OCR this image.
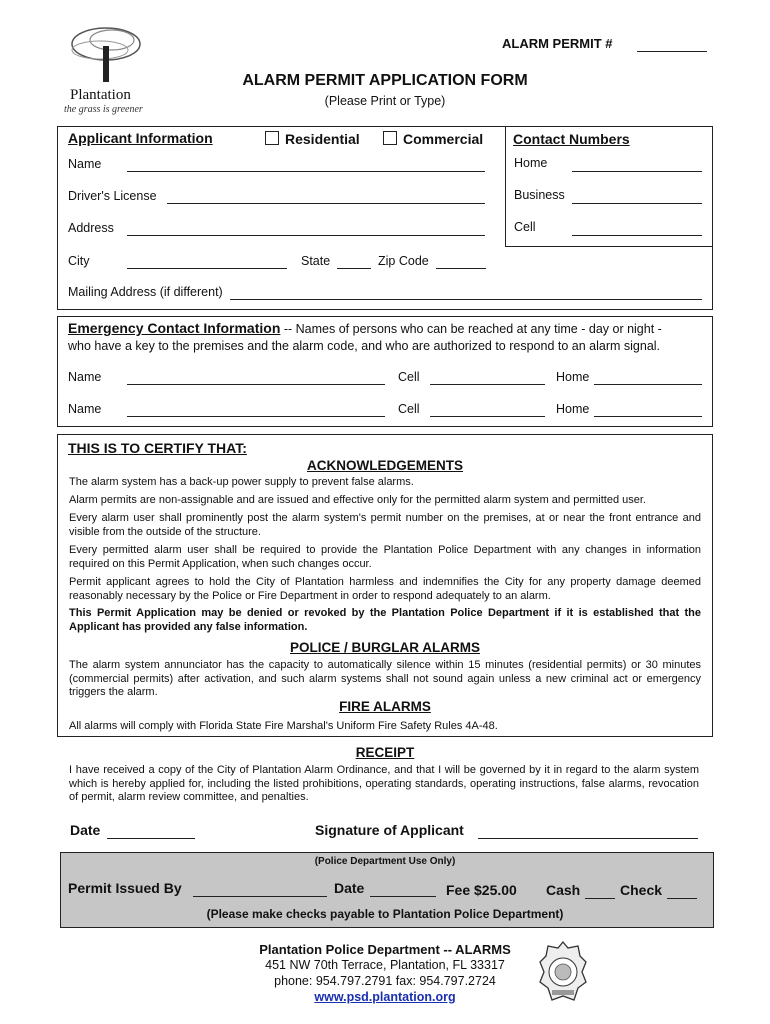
ALARM PERMIT #
Plantation
the grass is greener
ALARM PERMIT APPLICATION FORM
(Please Print or Type)
Applicant Information	Residential	Commercial
Name
Driver's License
Address
City	State	Zip Code
Mailing Address (if different)
Contact Numbers
Home
Business
Cell
Emergency Contact Information -- Names of persons who can be reached at any time - day or night -
who have a key to the premises and the alarm code, and who are authorized to respond to an alarm signal.
Name	Cell	Home
Name	Cell	Home
THIS IS TO CERTIFY THAT:
ACKNOWLEDGEMENTS
The alarm system has a back-up power supply to prevent false alarms.
Alarm permits are non-assignable and are issued and effective only for the permitted alarm system and permitted user.
Every alarm user shall prominently post the alarm system's permit number on the premises, at or near the front entrance and visible from the outside of the structure.
Every permitted alarm user shall be required to provide the Plantation Police Department with any changes in information required on this Permit Application, when such changes occur.
Permit applicant agrees to hold the City of Plantation harmless and indemnifies the City for any property damage deemed reasonably necessary by the Police or Fire Department in order to respond adequately to an alarm.
This Permit Application may be denied or revoked by the Plantation Police Department if it is established that the Applicant has provided any false information.
POLICE / BURGLAR ALARMS
The alarm system annunciator has the capacity to automatically silence within 15 minutes (residential permits) or 30 minutes (commercial permits) after activation, and such alarm systems shall not sound again unless a new criminal act or emergency triggers the alarm.
FIRE ALARMS
All alarms will comply with Florida State Fire Marshal's Uniform Fire Safety Rules 4A-48.
RECEIPT
I have received a copy of the City of Plantation Alarm Ordinance, and that I will be governed by it in regard to the alarm system which is hereby applied for, including the listed prohibitions, operating standards, operating instructions, false alarms, revocation of permit, alarm review committee, and penalties.
Date	Signature of Applicant
(Police Department Use Only)
Permit Issued By	Date	Fee $25.00 Cash	Check
(Please make checks payable to Plantation Police Department)
Plantation Police Department -- ALARMS
451 NW 70th Terrace, Plantation, FL 33317
phone: 954.797.2791 fax: 954.797.2724
www.psd.plantation.org
